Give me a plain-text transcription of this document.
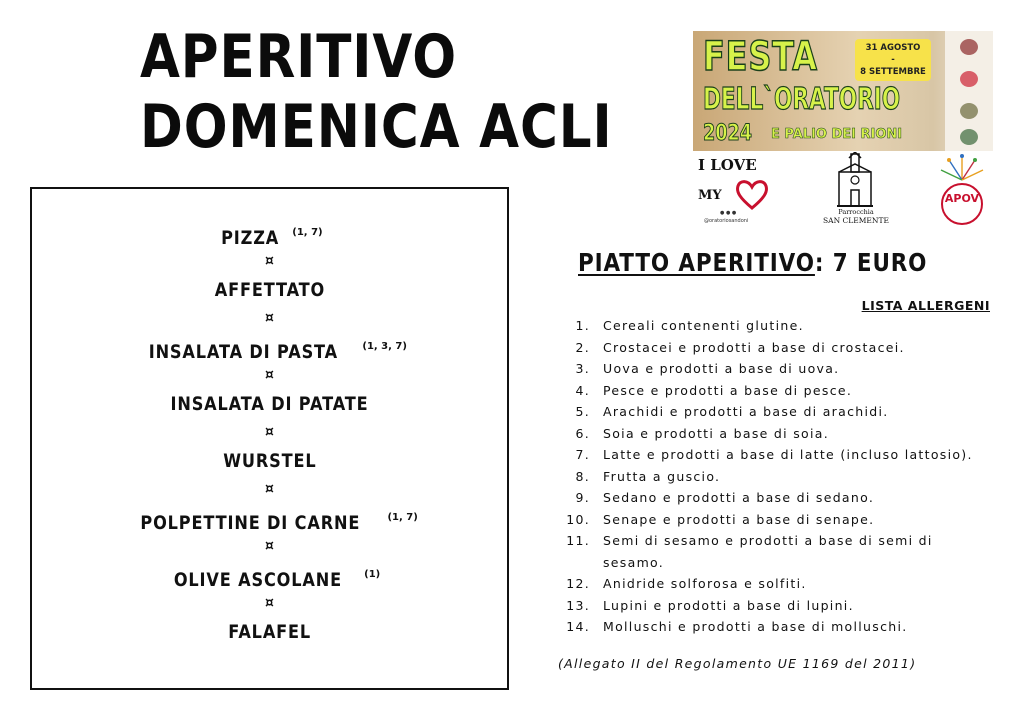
APERITIVO
DOMENICA ACLI
FESTA	31 AGOSTO
-
8 SETTEMBRE
DELL`ORATORIO
2024 E PALIO DEI RIONI
I LOVE
MY
● ● ●
@oratoriosandoni
Parrocchia
SAN CLEMENTE
APOV
PIZZA $^{(1, 7)}$
¤
AFFETTATO
¤
INSALATA DI PASTA $^{(1, 3, 7)}$
¤
INSALATA DI PATATE
¤
WURSTEL
¤
POLPETTINE DI CARNE	$^{(1, 7)}$
¤
OLIVE ASCOLANE $^{(1)}$
¤
FALAFEL
PIATTO APERITIVO: 7 EURO
LISTA ALLERGENI
1. Cereali contenenti glutine.
2. Crostacei e prodotti a base di crostacei.
3. Uova e prodotti a base di uova.
4. Pesce e prodotti a base di pesce.
5. Arachidi e prodotti a base di arachidi.
6. Soia e prodotti a base di soia.
7. Latte e prodotti a base di latte (incluso lattosio).
8. Frutta a guscio.
9. Sedano e prodotti a base di sedano.
10. Senape e prodotti a base di senape.
11. Semi di sesamo e prodotti a base di semi di sesamo.
12. Anidride solforosa e solfiti.
13. Lupini e prodotti a base di lupini.
14. Molluschi e prodotti a base di molluschi.
(Allegato II del Regolamento UE 1169 del 2011)
